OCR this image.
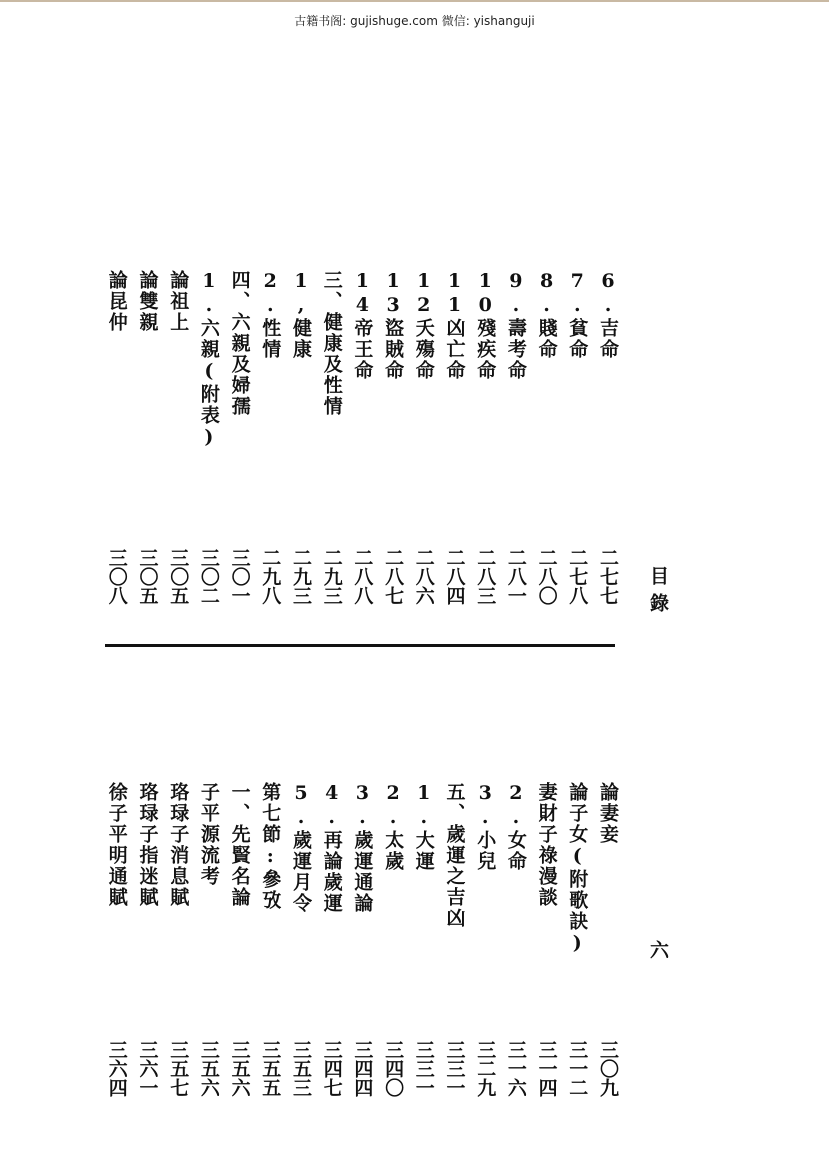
古籍书阁: gujishuge.com 微信: yishanguji
目錄
六
6.吉命
二七七
7.貧命
二七八
8.賤命
二八〇
9.壽考命
二八一
10殘疾命
二八三
11凶亡命
二八四
12夭殤命
二八六
13盜賊命
二八七
14帝王命
二八八
三、健康及性情
二九三
1,健康
二九三
2.性情
二九八
四、六親及婦孺
三〇一
1.六親(附表)
三〇二
論祖上
三〇五
論雙親
三〇五
論昆仲
三〇八
論妻妾
三〇九
論子女(附歌訣)
三一二
妻財子祿漫談
三一四
2.女命
三一六
3.小兒
三二九
五、歲運之吉凶
三三一
1.大運
三三一
2.太歲
三四〇
3.歲運通論
三四四
4.再論歲運
三四七
5.歲運月令
三五三
第七節:參攷
三五五
一、先賢名論
三五六
子平源流考
三五六
珞琭子消息賦
三五七
珞琭子指迷賦
三六一
徐子平明通賦
三六四
